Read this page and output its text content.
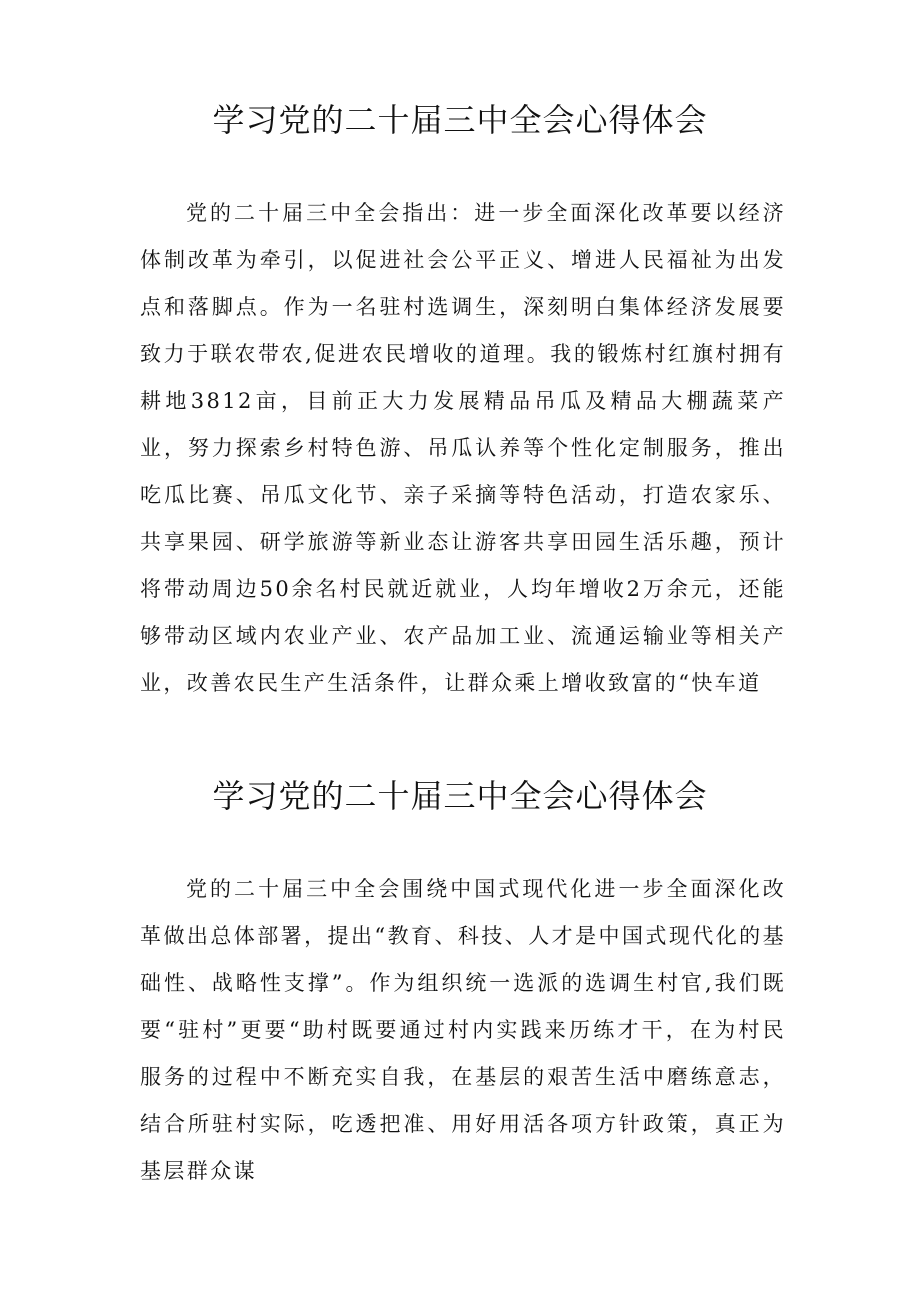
学习党的二十届三中全会心得体会

党的二十届三中全会指出：进一步全面深化改革要以经济体制改革为牵引，以促进社会公平正义、增进人民福祉为出发点和落脚点。作为一名驻村选调生，深刻明白集体经济发展要致力于联农带农,促进农民增收的道理。我的锻炼村红旗村拥有耕地3812亩，目前正大力发展精品吊瓜及精品大棚蔬菜产业，努力探索乡村特色游、吊瓜认养等个性化定制服务，推出吃瓜比赛、吊瓜文化节、亲子采摘等特色活动，打造农家乐、共享果园、研学旅游等新业态让游客共享田园生活乐趣，预计将带动周边50余名村民就近就业，人均年增收2万余元，还能够带动区域内农业产业、农产品加工业、流通运输业等相关产业，改善农民生产生活条件，让群众乘上增收致富的“快车道

学习党的二十届三中全会心得体会

党的二十届三中全会围绕中国式现代化进一步全面深化改革做出总体部署，提出“教育、科技、人才是中国式现代化的基础性、战略性支撑”。作为组织统一选派的选调生村官,我们既要“驻村”更要“助村既要通过村内实践来历练才干，在为村民服务的过程中不断充实自我，在基层的艰苦生活中磨练意志，结合所驻村实际，吃透把准、用好用活各项方针政策，真正为基层群众谋
